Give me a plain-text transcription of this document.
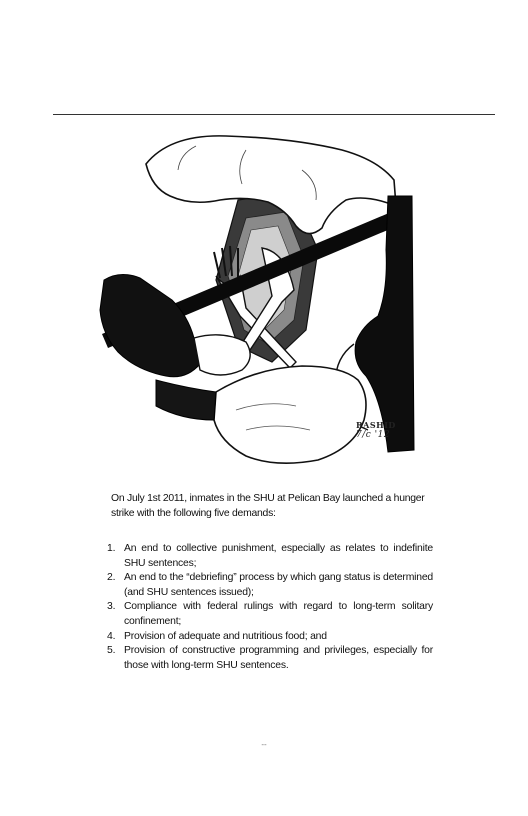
RASHID
7/c '12

On July 1st 2011, inmates in the SHU at Pelican Bay launched a hunger strike with the following five demands:

1. An end to collective punishment, especially as relates to indefinite SHU sentences;
2. An end to the “debriefing” process by which gang status is determined (and SHU sentences issued);
3. Compliance with federal rulings with regard to long-term solitary confinement;
4. Provision of adequate and nutritious food; and
5. Provision of constructive programming and privileges, especially for those with long-term SHU sentences.
--
